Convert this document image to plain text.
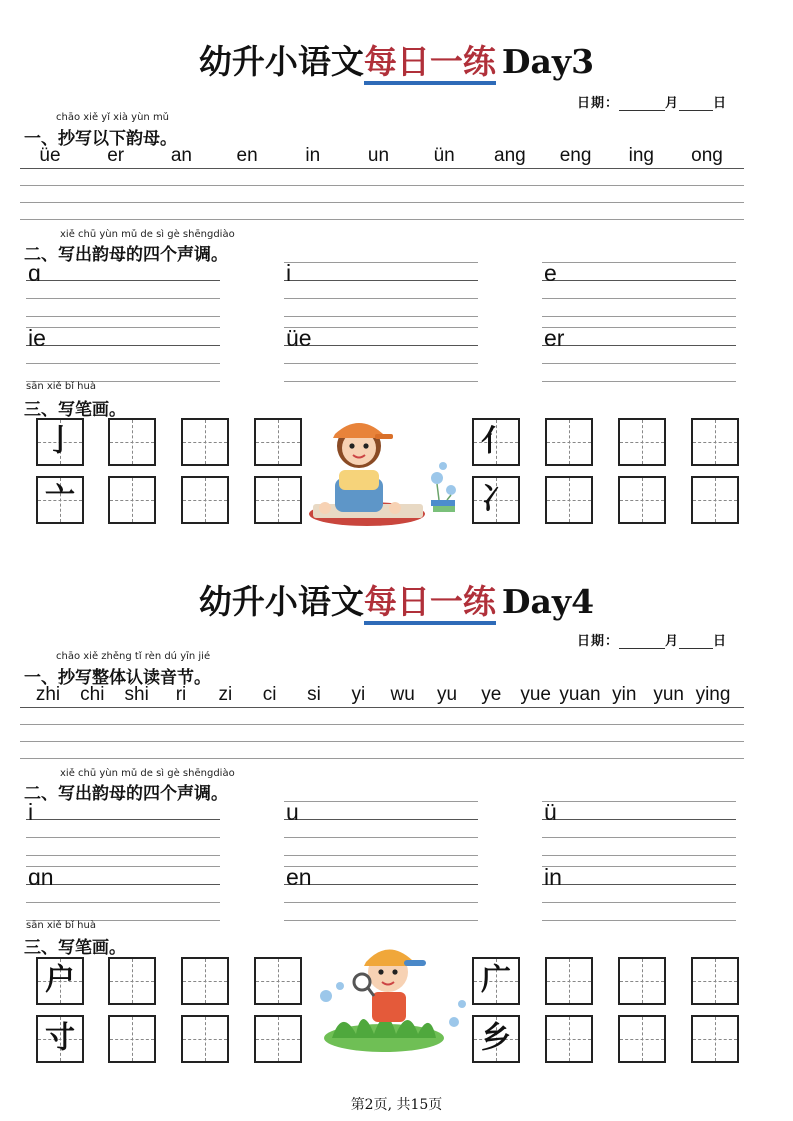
幼升小语文每日一练 Day3
日期：	月	日
chāo xiě yǐ xià yùn mǔ
一、抄写以下韵母。
üe	er	an	en	in	un	ün	ang	eng	ing	ong
xiě chū yùn mǔ de sì gè shēngdiào
二、写出韵母的四个声调。
ɑ	i	e
ie	üe	er
sān xiě bǐ huà
三、写笔画。
亅	亻
亠	冫
幼升小语文每日一练 Day4
日期：	月	日
chāo xiě zhěng tǐ rèn dú yīn jié
一、抄写整体认读音节。
zhi	chi	shi	ri	zi	ci	si	yi	wu	yu	ye yue yuan yin yun ying
xiě chū yùn mǔ de sì gè shēngdiào
二、写出韵母的四个声调。
i	u	ü
ɑn	en	in
sān xiě bǐ huà
三、写笔画。
户	广
寸	乡
第2页, 共15页
